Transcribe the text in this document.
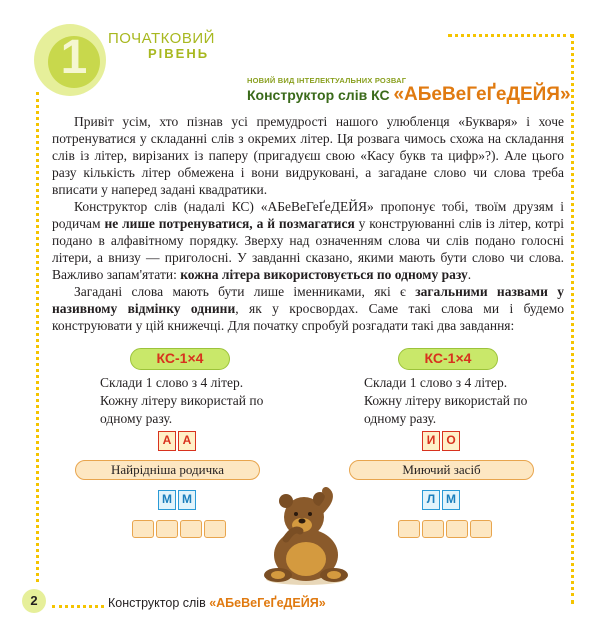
1	ПОЧАТКОВИЙ
РІВЕНЬ
НОВИЙ ВИД ІНТЕЛЕКТУАЛЬНИХ РОЗВАГ
Конструктор слів КС «АБеВеГеҐеДЕЙЯ»

Привіт усім, хто пізнав усі премудрості нашого улюбленця «Букваря» і хоче потренуватися у складанні слів з окремих літер. Ця розвага чимось схожа на складання слів із літер, вирізаних із паперу (пригадуєш свою «Касу букв та цифр»?). Але цього разу кількість літер обмежена і вони видруковані, а загадане слово чи слова треба вписати у наперед задані квадратики.

Конструктор слів (надалі КС) «АБеВеГеҐеДЕЙЯ» пропонує тобі, твоїм друзям і родичам не лише потренуватися, а й позмагатися у конструюванні слів із літер, котрі подано в алфавітному порядку. Зверху над означенням слова чи слів подано голосні літери, а внизу — приголосні. У завданні сказано, якими мають бути слово чи слова. Важливо запам'ятати: кожна літера використовується по одному разу.

Загадані слова мають бути лише іменниками, які є загальними назвами у називному відмінку однини, як у кросвордах. Саме такі слова ми і будемо конструювати у цій книжечці. Для початку спробуй розгадати такі два завдання:

КС-1×4
Склади 1 слово з 4 літер. Кожну літеру використай по одному разу.
А А
Найрідніша родичка
М М
КС-1×4
Склади 1 слово з 4 літер. Кожну літеру використай по одному разу.
И О
Миючий засіб
Л М
2	Конструктор слів «АБеВеГеҐеДЕЙЯ»
